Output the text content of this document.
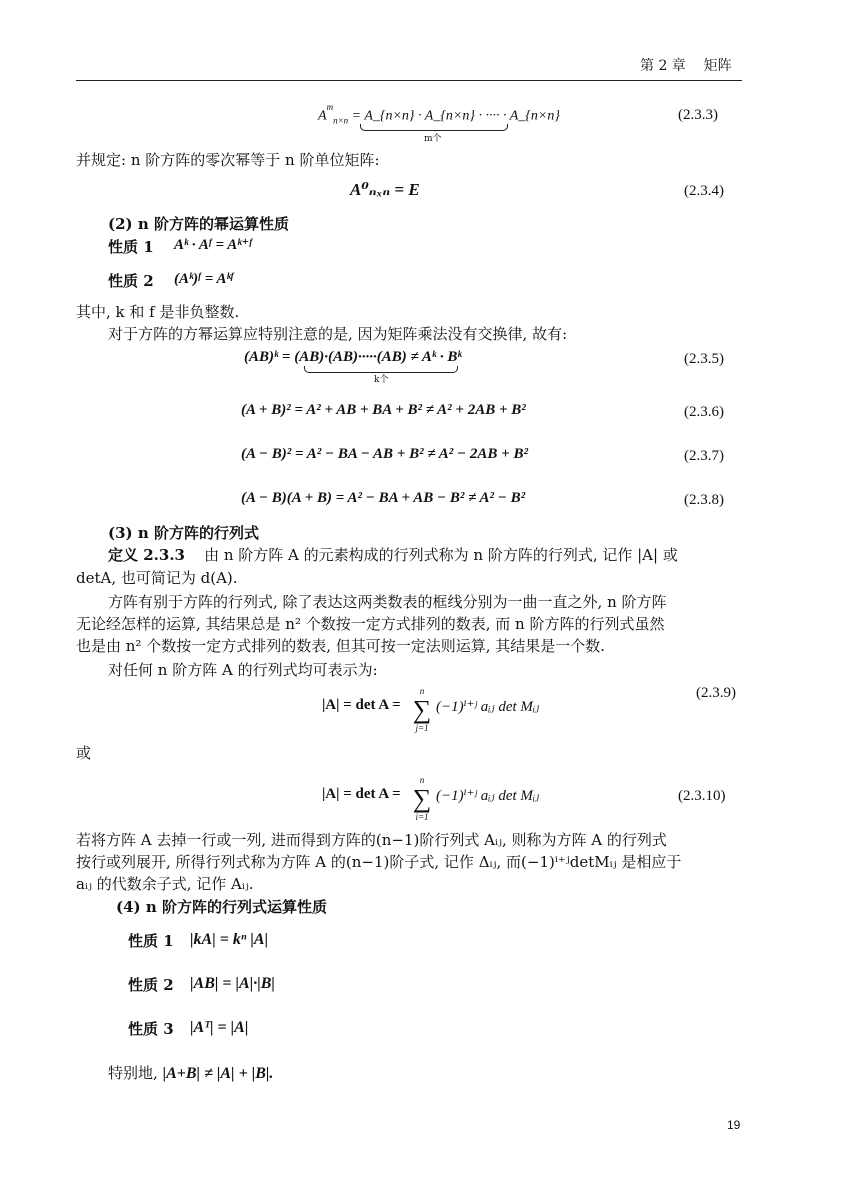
第 2 章 矩阵
$A^m_{n\times n}$ = A_{n×n} · A_{n×n} · ···· · A_{n×n}
m个
(2.3.3)
并规定: n 阶方阵的零次幂等于 n 阶单位矩阵:
A⁰ₙₓₙ = E	(2.3.4)
(2) n 阶方阵的幂运算性质
性质 1 Aᵏ · Aᶠ = Aᵏ⁺ᶠ
性质 2 (Aᵏ)ᶠ = Aᵏᶠ
其中, k 和 f 是非负整数.
对于方阵的方幂运算应特别注意的是, 因为矩阵乘法没有交换律, 故有:
(AB)ᵏ = (AB)·(AB)·····(AB) ≠ Aᵏ · Bᵏ
k个
(2.3.5)
(A + B)² = A² + AB + BA + B² ≠ A² + 2AB + B²	(2.3.6)
(A − B)² = A² − BA − AB + B² ≠ A² − 2AB + B²	(2.3.7)
(A − B)(A + B) = A² − BA + AB − B² ≠ A² − B²	(2.3.8)
(3) n 阶方阵的行列式
定义 2.3.3 由 n 阶方阵 A 的元素构成的行列式称为 n 阶方阵的行列式, 记作 |A| 或
detA, 也可简记为 d(A).
方阵有别于方阵的行列式, 除了表达这两类数表的框线分别为一曲一直之外, n 阶方阵
无论经怎样的运算, 其结果总是 n² 个数按一定方式排列的数表, 而 n 阶方阵的行列式虽然
也是由 n² 个数按一定方式排列的数表, 但其可按一定法则运算, 其结果是一个数.
对任何 n 阶方阵 A 的行列式均可表示为:
|A| = det A =
n
∑
j=1
(−1)ⁱ⁺ʲ aᵢⱼ det Mᵢⱼ
(2.3.9)
或
|A| = det A =
n
∑
i=1
(−1)ⁱ⁺ʲ aᵢⱼ det Mᵢⱼ	(2.3.10)
若将方阵 A 去掉一行或一列, 进而得到方阵的(n−1)阶行列式 Aᵢⱼ, 则称为方阵 A 的行列式
按行或列展开, 所得行列式称为方阵 A 的(n−1)阶子式, 记作 Δᵢⱼ, 而(−1)ⁱ⁺ʲdetMᵢⱼ 是相应于
aᵢⱼ 的代数余子式, 记作 Aᵢⱼ.
(4) n 阶方阵的行列式运算性质
性质 1 |kA| = kⁿ |A|
性质 2 |AB| = |A|·|B|
性质 3 |Aᵀ| = |A|
特别地, |A+B| ≠ |A| + |B|.
19
